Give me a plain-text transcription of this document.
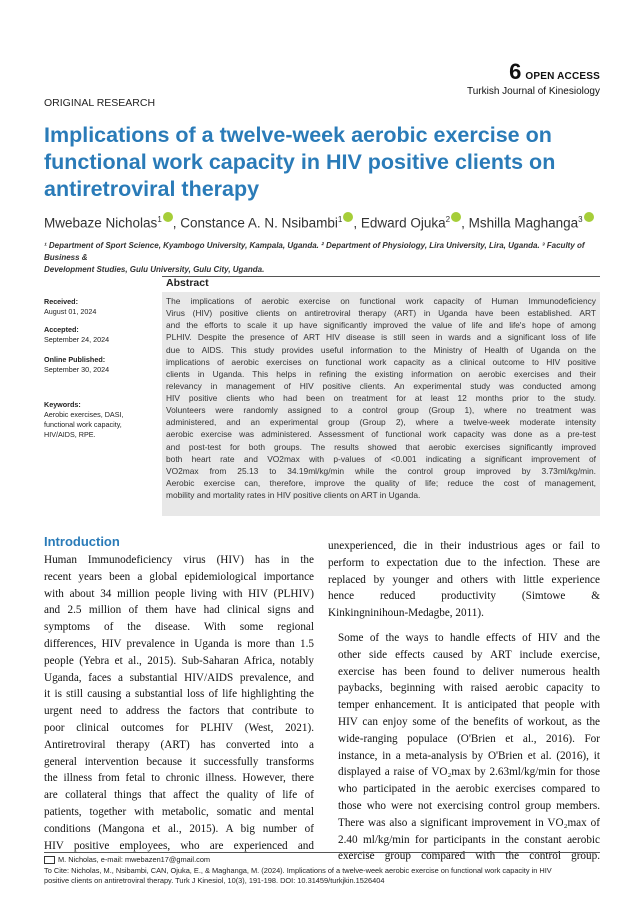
6 OPEN ACCESS
Turkish Journal of Kinesiology
ORIGINAL RESEARCH
Implications of a twelve-week aerobic exercise on
functional work capacity in HIV positive clients on
antiretroviral therapy
Mwebaze Nicholas$^1$ , Constance A. N. Nsibambi$^1$ , Edward Ojuka$^2$ , Mshilla Maghanga$^3$
¹ Department of Sport Science, Kyambogo University, Kampala, Uganda. ² Department of Physiology, Lira University, Lira, Uganda. ³ Faculty of Business &
Development Studies, Gulu University, Gulu City, Uganda.
Abstract
The implications of aerobic exercise on functional work capacity of Human Immunodeficiency
Virus (HIV) positive clients on antiretroviral therapy (ART) in Uganda have been established. ART
and the efforts to scale it up have significantly improved the value of life and life's hope of among
PLHIV. Despite the presence of ART HIV disease is still seen in wards and a significant loss of life
due to AIDS. This study provides useful information to the Ministry of Health of Uganda on the
implications of aerobic exercises on functional work capacity as a clinical outcome to HIV positive
clients in Uganda. This helps in refining the existing information on aerobic exercises and their
relevancy in management of HIV positive clients. An experimental study was conducted among
HIV positive clients who had been on treatment for at least 12 months prior to the study.
Volunteers were randomly assigned to a control group (Group 1), where no treatment was
administered, and an experimental group (Group 2), where a twelve-week moderate intensity
aerobic exercise was administered. Assessment of functional work capacity was done as a pre-test
and post-test for both groups. The results showed that aerobic exercises significantly improved
both heart rate and VO2max with p-values of <0.001 indicating a significant improvement of
VO2max from 25.13 to 34.19ml/kg/min while the control group improved by 3.73ml/kg/min.
Aerobic exercise can, therefore, improve the quality of life; reduce the cost of management,
mobility and mortality rates in HIV positive clients on ART in Uganda.
Received:
August 01, 2024
Accepted:
September 24, 2024
Online Published:
September 30, 2024
Keywords:
Aerobic exercises, DASI,
functional work capacity,
HIV/AIDS, RPE.
Introduction
Human Immunodeficiency virus (HIV) has in the
recent years been a global epidemiological importance
with about 34 million people living with HIV (PLHIV)
and 2.5 million of them have had clinical signs and
symptoms of the disease. With some regional
differences, HIV prevalence in Uganda is more than 1.5
people (Yebra et al., 2015). Sub-Saharan Africa, notably
Uganda, faces a substantial HIV/AIDS prevalence, and
it is still causing a substantial loss of life highlighting the
urgent need to address the factors that contribute to
poor clinical outcomes for PLHIV (West, 2021).
Antiretroviral therapy (ART) has converted into a
general intervention because it successfully transforms
the illness from fetal to chronic illness. However, there
are collateral things that affect the quality of life of
patients, together with metabolic, somatic and mental
conditions (Mangona et al., 2015). A big number of
HIV positive employees, who are experienced and
unexperienced, die in their industrious ages or fail to
perform to expectation due to the infection. These are
replaced by younger and others with little experience
hence reduced productivity (Simtowe &
Kinkingninihoun-Medagbe, 2011).
Some of the ways to handle effects of HIV and the
other side effects caused by ART include exercise,
exercise has been found to deliver numerous health
paybacks, beginning with raised aerobic capacity to
temper enhancement. It is anticipated that people with
HIV can enjoy some of the benefits of workout, as the
wide-ranging populace (O'Brien et al., 2016). For
instance, in a meta-analysis by O'Brien et al. (2016), it
displayed a raise of VO₂max by 2.63ml/kg/min for those
who participated in the aerobic exercises compared to
those who were not exercising control group members.
There was also a significant improvement in VO₂max of
2.40 ml/kg/min for participants in the constant aerobic
exercise group compared with the control group.
M. Nicholas, e-mail: mwebazen17@gmail.com
To Cite: Nicholas, M., Nsibambi, CAN, Ojuka, E., & Maghanga, M. (2024). Implications of a twelve-week aerobic exercise on functional work capacity in HIV
positive clients on antiretroviral therapy. Turk J Kinesiol, 10(3), 191-198. DOI: 10.31459/turkjkin.1526404
